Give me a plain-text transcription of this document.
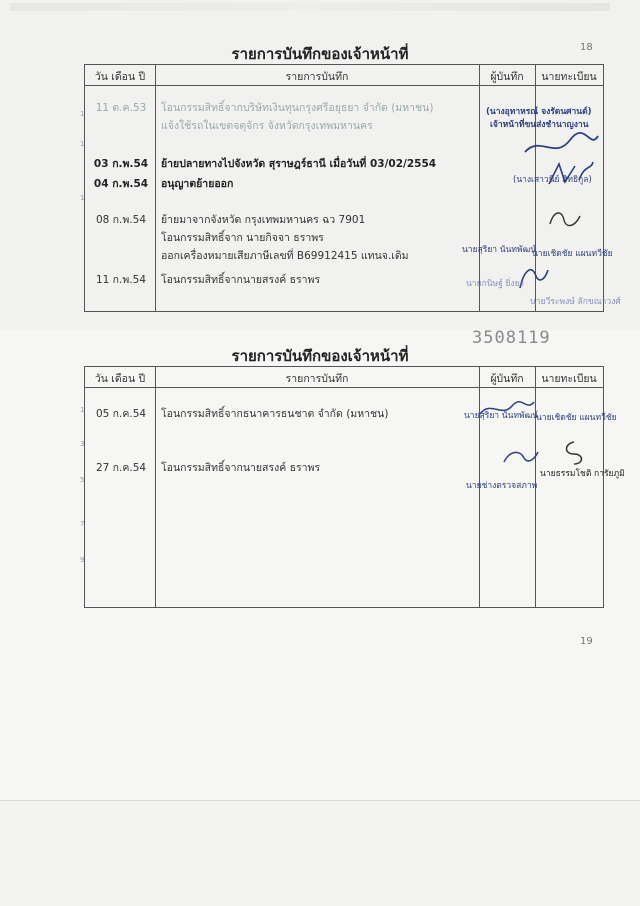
18
รายการบันทึกของเจ้าหน้าที่
วัน เดือน ปี	รายการบันทึก	ผู้บันทึก	นายทะเบียน
11 ต.ค.53	โอนกรรมสิทธิ์จากบริษัทเงินทุนกรุงศรีอยุธยา จำกัด (มหาชน)
แจ้งใช้รถในเขตจตุจักร จังหวัดกรุงเทพมหานคร
03 ก.พ.54	ย้ายปลายทางไปจังหวัด สุราษฎร์ธานี เมื่อวันที่ 03/02/2554
04 ก.พ.54	อนุญาตย้ายออก
08 ก.พ.54	ย้ายมาจากจังหวัด กรุงเทพมหานคร ฉว 7901
โอนกรรมสิทธิ์จาก นายกิจจา ธราพร
ออกเครื่องหมายเสียภาษีเลขที่ B69912415 แทนจ.เดิม
11 ก.พ.54	โอนกรรมสิทธิ์จากนายสรงค์ ธราพร
(นางอุทาหรณ์ จงรัตนศานต์)
เจ้าหน้าที่ขนส่งชำนาญงาน
(นางเสาวนีย์ สิทธิกูล)
นายสุริยา นันทพัฒน์
นายเชิดชัย แผนทวีชัย
นายกนิษฐ์ ยิ่งยง
นายวีระพงษ์ ลักขณาวงศ์
1
1
1
3508119
รายการบันทึกของเจ้าหน้าที่
วัน เดือน ปี	รายการบันทึก	ผู้บันทึก	นายทะเบียน
05 ก.ค.54	โอนกรรมสิทธิ์จากธนาคารธนชาต จำกัด (มหาชน)
27 ก.ค.54	โอนกรรมสิทธิ์จากนายสรงค์ ธราพร
นายสุริยา นันทพัฒน์
นายเชิดชัย แผนทวีชัย
นายธรรมโชติ การัยภูมิ
นายช่างตรวจสภาพ
1
3
5
7
9
19
